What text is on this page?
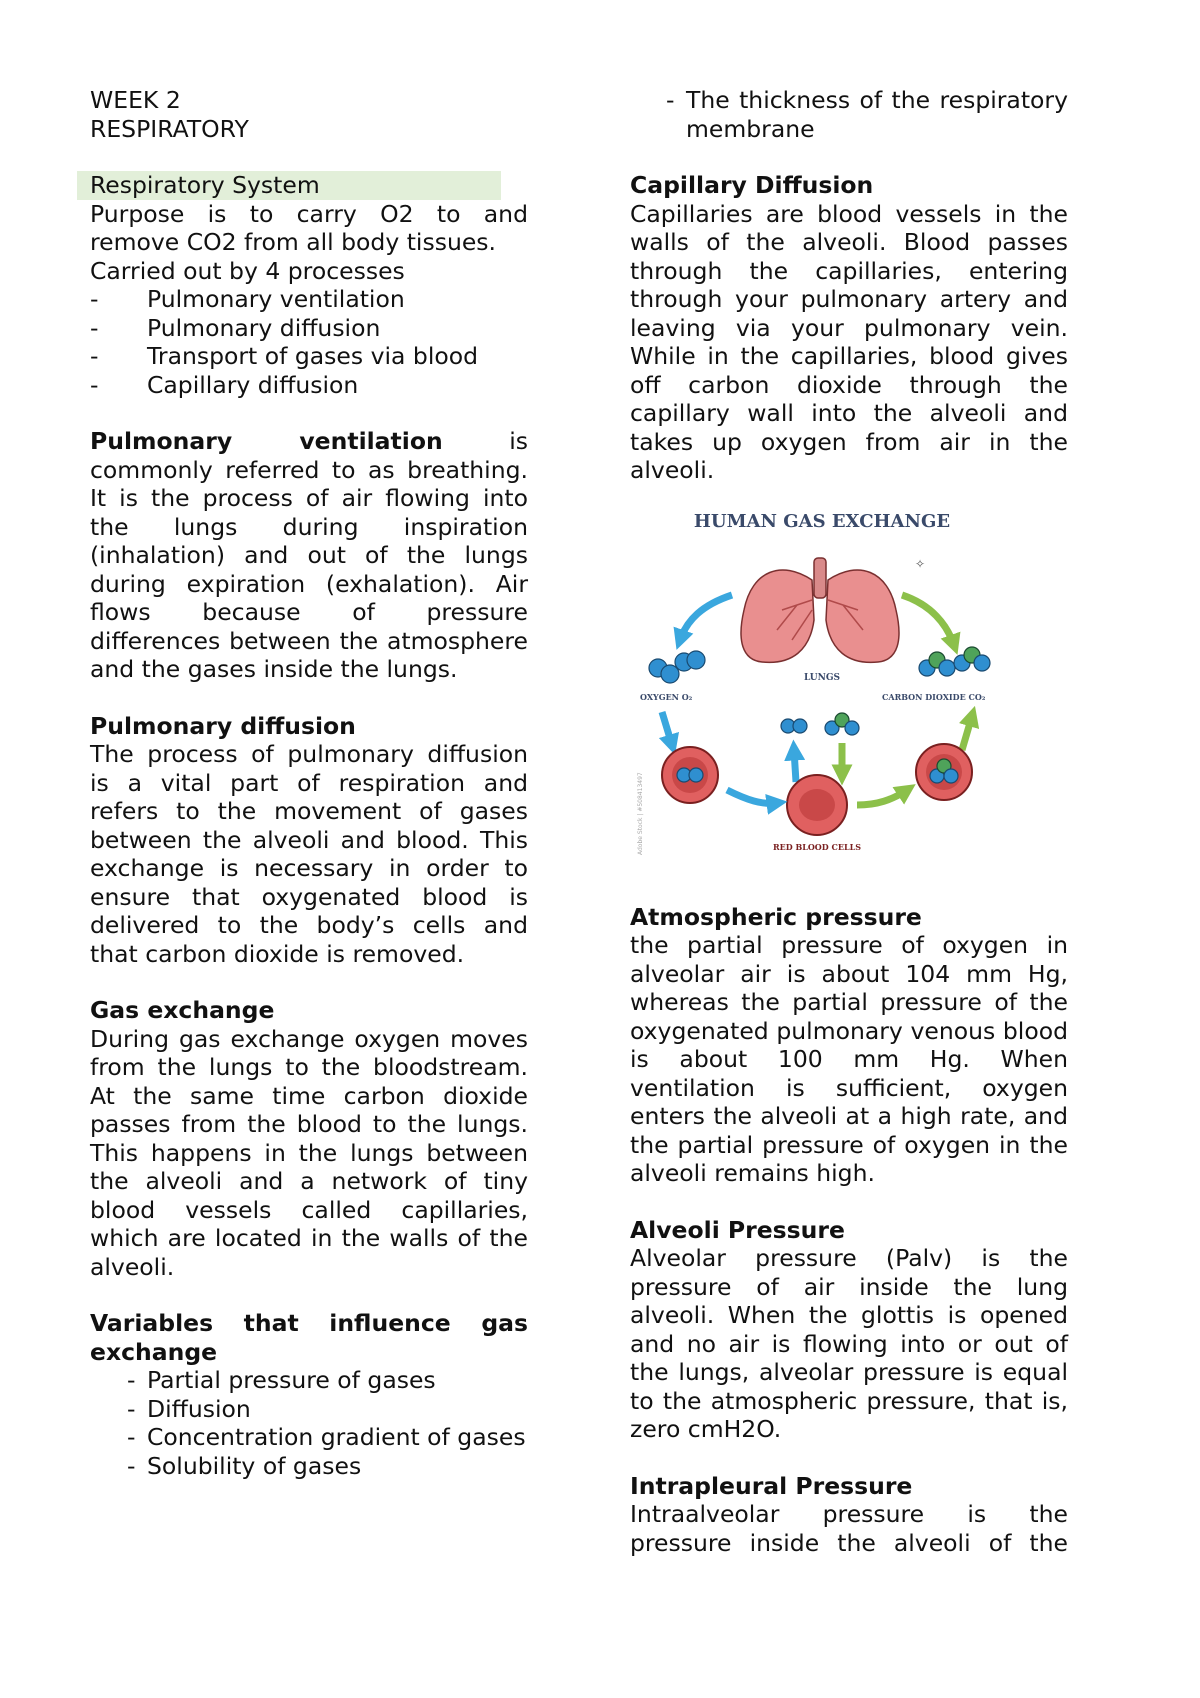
WEEK 2

RESPIRATORY

Respiratory System

Purpose is to carry O2 to and remove CO2 from all body tissues.

Carried out by 4 processes

-	Pulmonary ventilation
-	Pulmonary diffusion
-	Transport of gases via blood
-	Capillary diffusion

Pulmonary ventilation is commonly referred to as breathing. It is the process of air flowing into the lungs during inspiration (inhalation) and out of the lungs during expiration (exhalation). Air flows because of pressure differences between the atmosphere and the gases inside the lungs.

Pulmonary diffusion

The process of pulmonary diffusion is a vital part of respiration and refers to the movement of gases between the alveoli and blood. This exchange is necessary in order to ensure that oxygenated blood is delivered to the body’s cells and that carbon dioxide is removed.

Gas exchange

During gas exchange oxygen moves from the lungs to the bloodstream. At the same time carbon dioxide passes from the blood to the lungs. This happens in the lungs between the alveoli and a network of tiny blood vessels called capillaries, which are located in the walls of the alveoli.

Variables that influence gas exchange

- Partial pressure of gases
- Diffusion
- Concentration gradient of gases
- Solubility of gases
- The thickness of the respiratory membrane

Capillary Diffusion

Capillaries are blood vessels in the walls of the alveoli. Blood passes through the capillaries, entering through your pulmonary artery and leaving via your pulmonary vein. While in the capillaries, blood gives off carbon dioxide through the capillary wall into the alveoli and takes up oxygen from air in the alveoli.

Atmospheric pressure

the partial pressure of oxygen in alveolar air is about 104 mm Hg, whereas the partial pressure of the oxygenated pulmonary venous blood is about 100 mm Hg. When ventilation is sufficient, oxygen enters the alveoli at a high rate, and the partial pressure of oxygen in the alveoli remains high.

Alveoli Pressure

Alveolar pressure (Palv) is the pressure of air inside the lung alveoli. When the glottis is opened and no air is flowing into or out of the lungs, alveolar pressure is equal to the atmospheric pressure, that is, zero cmH2O.

Intrapleural Pressure

Intraalveolar pressure is the pressure inside the alveoli of the

HUMAN GAS EXCHANGE
LUNGS
✧
OXYGEN O₂	CARBON DIOXIDE CO₂
RED BLOOD CELLS
Adobe Stock | #508413497
